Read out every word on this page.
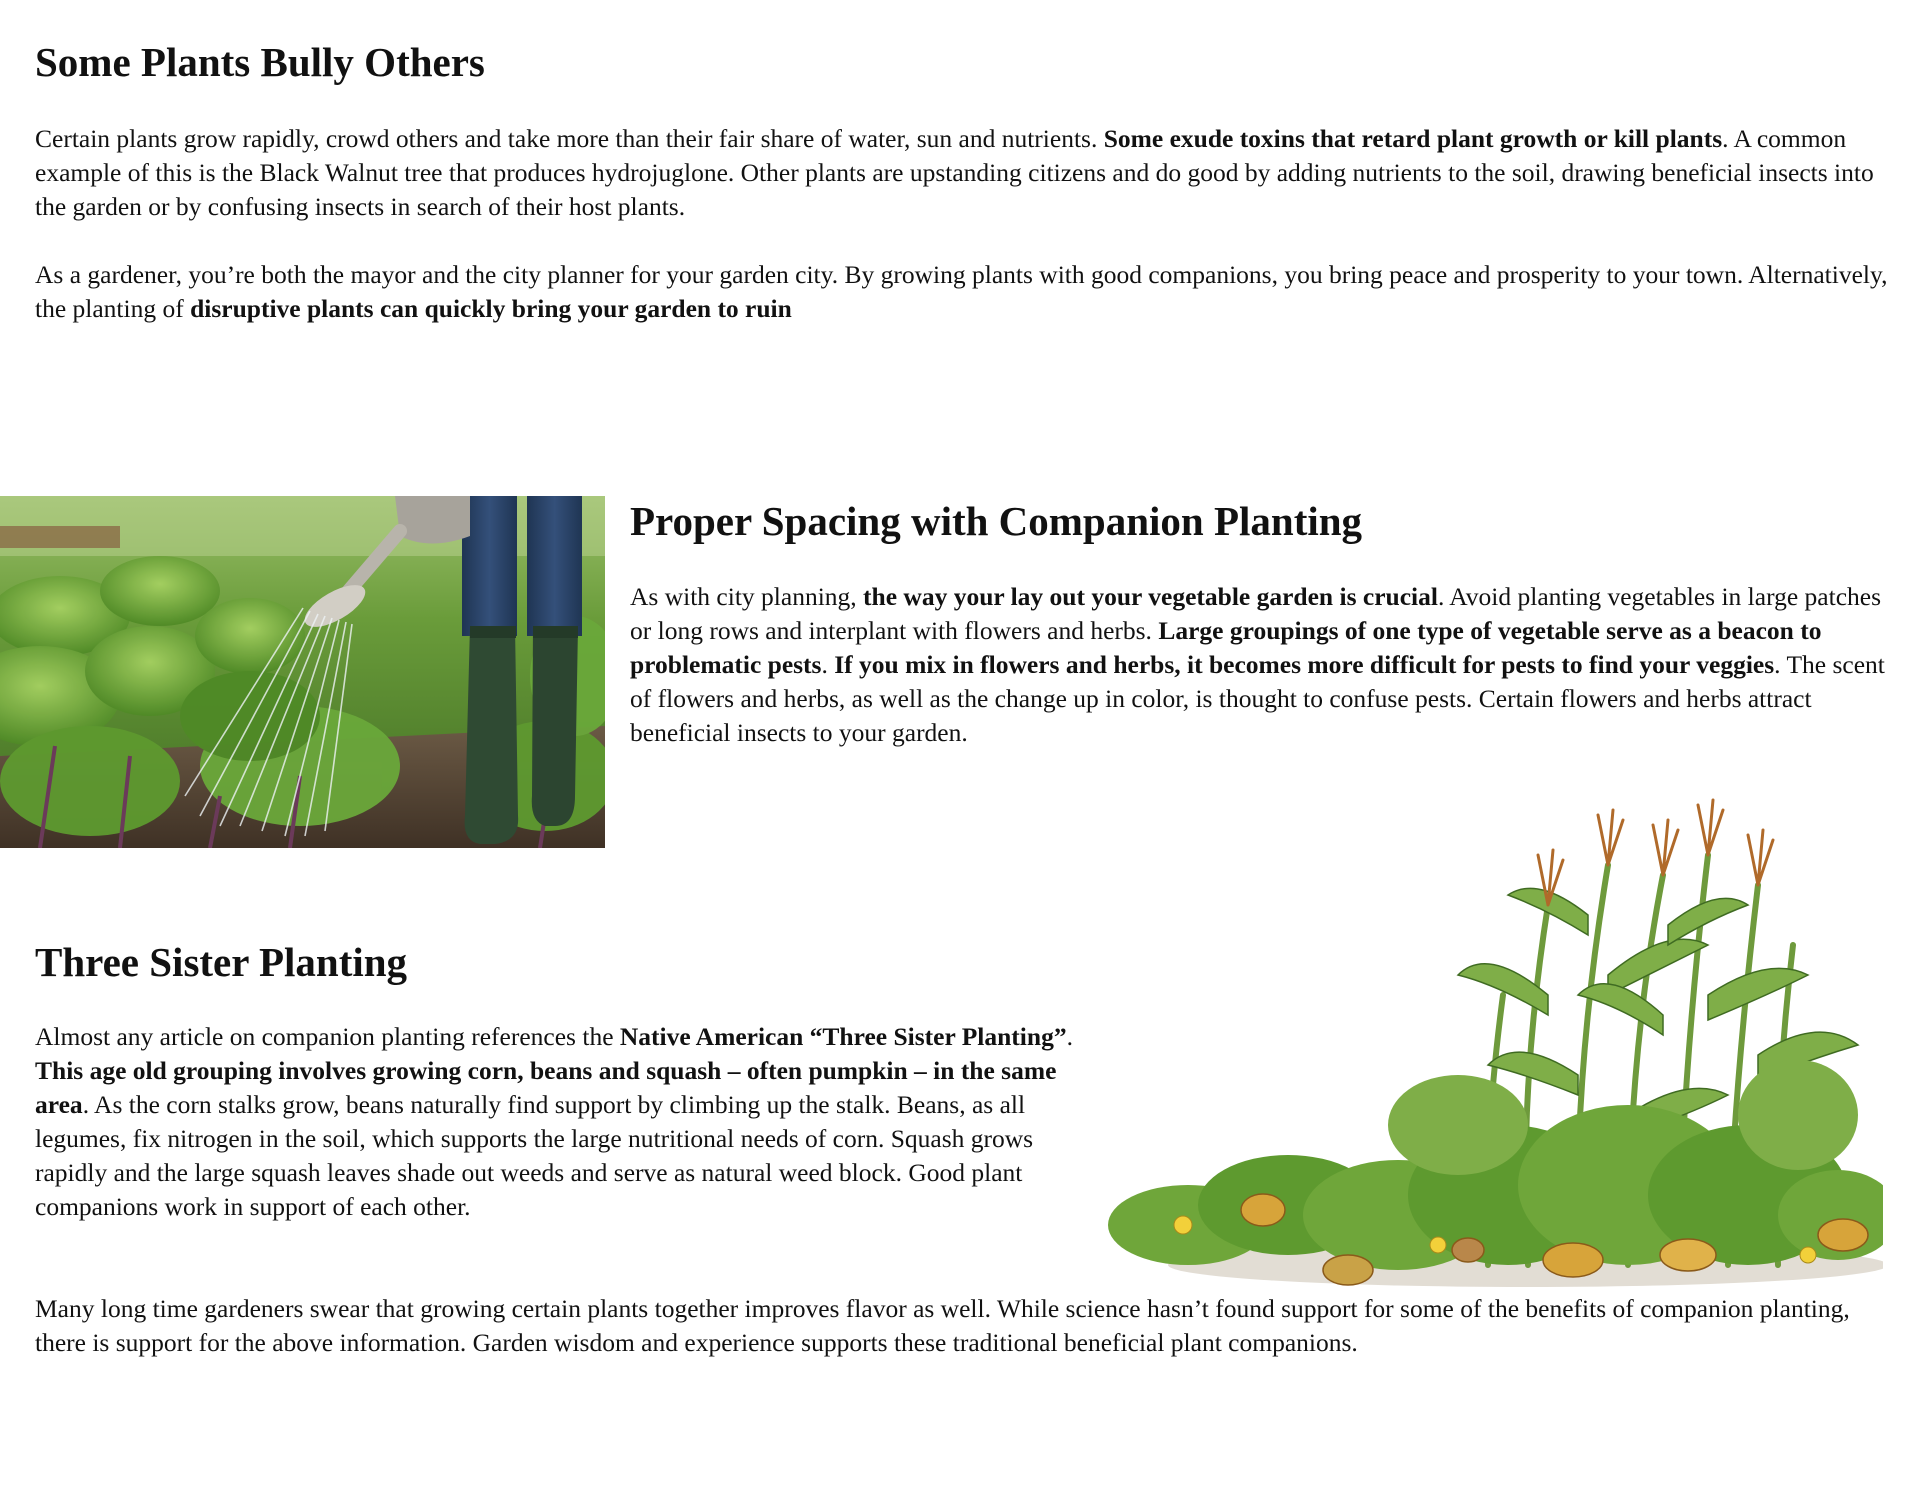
Some Plants Bully Others

Certain plants grow rapidly, crowd others and take more than their fair share of water, sun and nutrients. Some exude toxins that retard plant growth or kill plants. A common example of this is the Black Walnut tree that produces hydrojuglone. Other plants are upstanding citizens and do good by adding nutrients to the soil, drawing beneficial insects into the garden or by confusing insects in search of their host plants.

As a gardener, you’re both the mayor and the city planner for your garden city. By growing plants with good companions, you bring peace and prosperity to your town. Alternatively, the planting of disruptive plants can quickly bring your garden to ruin

Proper Spacing with Companion Planting

As with city planning, the way your lay out your vegetable garden is crucial. Avoid planting vegetables in large patches or long rows and interplant with flowers and herbs. Large groupings of one type of vegetable serve as a beacon to problematic pests. If you mix in flowers and herbs, it becomes more difficult for pests to find your veggies. The scent of flowers and herbs, as well as the change up in color, is thought to confuse pests. Certain flowers and herbs attract beneficial insects to your garden.

Three Sister Planting

Almost any article on companion planting references the Native American “Three Sister Planting”. This age old grouping involves growing corn, beans and squash – often pumpkin – in the same area. As the corn stalks grow, beans naturally find support by climbing up the stalk. Beans, as all legumes, fix nitrogen in the soil, which supports the large nutritional needs of corn. Squash grows rapidly and the large squash leaves shade out weeds and serve as natural weed block. Good plant companions work in support of each other.

Many long time gardeners swear that growing certain plants together improves flavor as well. While science hasn’t found support for some of the benefits of companion planting, there is support for the above information. Garden wisdom and experience supports these traditional beneficial plant companions.
